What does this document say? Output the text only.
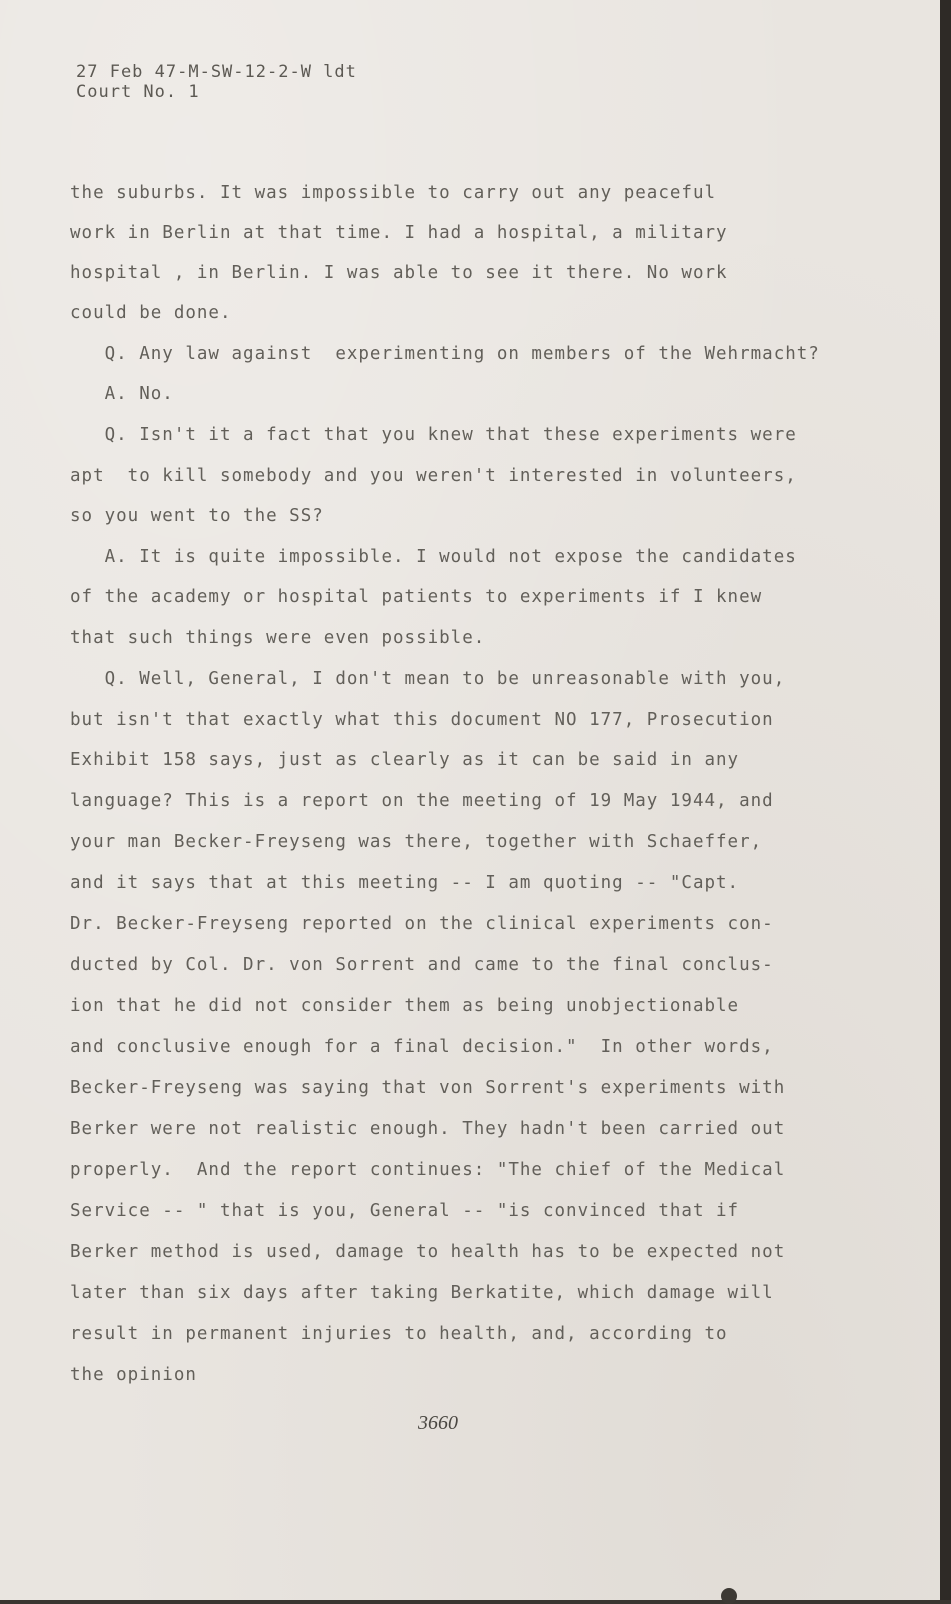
27 Feb 47-M-SW-12-2-W ldt
Court No. 1
the suburbs. It was impossible to carry out any peaceful
work in Berlin at that time. I had a hospital, a military
hospital , in Berlin. I was able to see it there. No work
could be done.
Q. Any law against  experimenting on members of the Wehrmacht?
A. No.
Q. Isn't it a fact that you knew that these experiments were
apt  to kill somebody and you weren't interested in volunteers,
so you went to the SS?
A. It is quite impossible. I would not expose the candidates
of the academy or hospital patients to experiments if I knew
that such things were even possible.
Q. Well, General, I don't mean to be unreasonable with you,
but isn't that exactly what this document NO 177, Prosecution
Exhibit 158 says, just as clearly as it can be said in any
language? This is a report on the meeting of 19 May 1944, and
your man Becker-Freyseng was there, together with Schaeffer,
and it says that at this meeting -- I am quoting -- "Capt.
Dr. Becker-Freyseng reported on the clinical experiments con-
ducted by Col. Dr. von Sorrent and came to the final conclus-
ion that he did not consider them as being unobjectionable
and conclusive enough for a final decision."  In other words,
Becker-Freyseng was saying that von Sorrent's experiments with
Berker were not realistic enough. They hadn't been carried out
properly.  And the report continues: "The chief of the Medical
Service -- " that is you, General -- "is convinced that if
Berker method is used, damage to health has to be expected not
later than six days after taking Berkatite, which damage will
result in permanent injuries to health, and, according to
the opinion
3660
